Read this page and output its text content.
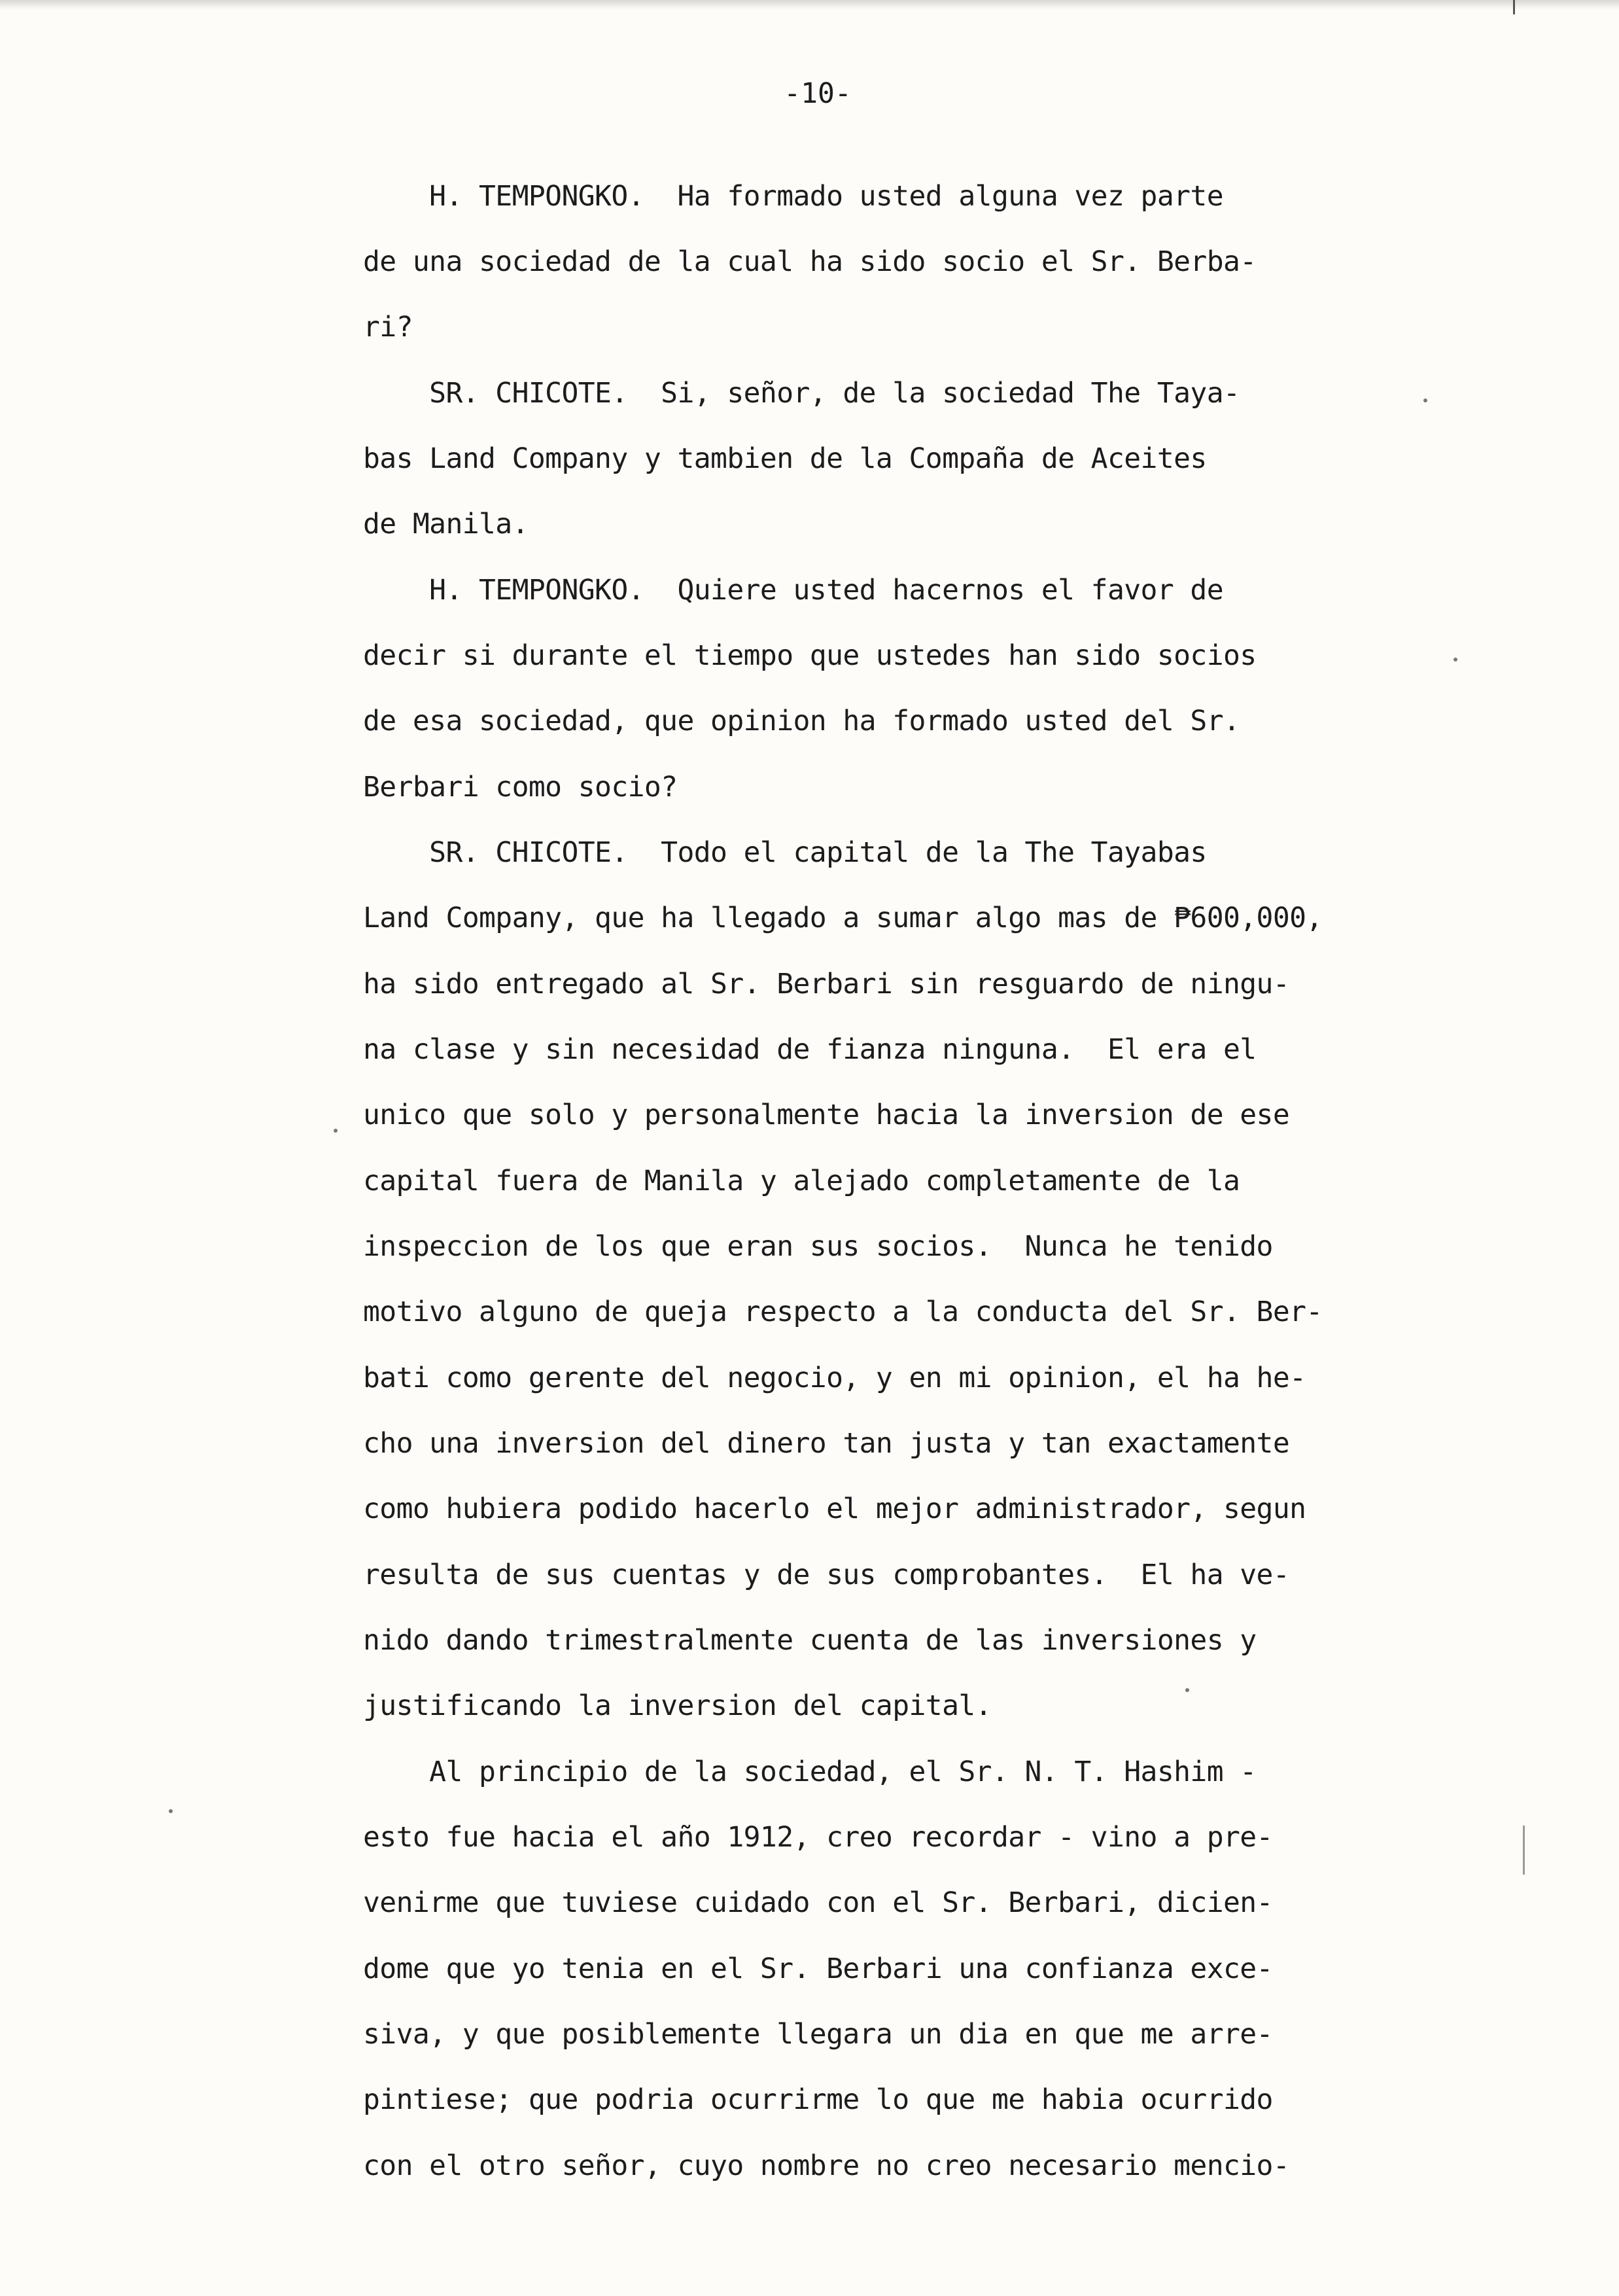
-10-
H. TEMPONGKO.  Ha formado usted alguna vez parte
de una sociedad de la cual ha sido socio el Sr. Berba-
ri?
SR. CHICOTE.  Si, señor, de la sociedad The Taya-
bas Land Company y tambien de la Compaña de Aceites
de Manila.
H. TEMPONGKO.  Quiere usted hacernos el favor de
decir si durante el tiempo que ustedes han sido socios
de esa sociedad, que opinion ha formado usted del Sr.
Berbari como socio?
SR. CHICOTE.  Todo el capital de la The Tayabas
Land Company, que ha llegado a sumar algo mas de ₱600,000,
ha sido entregado al Sr. Berbari sin resguardo de ningu-
na clase y sin necesidad de fianza ninguna.  El era el
unico que solo y personalmente hacia la inversion de ese
capital fuera de Manila y alejado completamente de la
inspeccion de los que eran sus socios.  Nunca he tenido
motivo alguno de queja respecto a la conducta del Sr. Ber-
bati como gerente del negocio, y en mi opinion, el ha he-
cho una inversion del dinero tan justa y tan exactamente
como hubiera podido hacerlo el mejor administrador, segun
resulta de sus cuentas y de sus comprobantes.  El ha ve-
nido dando trimestralmente cuenta de las inversiones y
justificando la inversion del capital.
Al principio de la sociedad, el Sr. N. T. Hashim -
esto fue hacia el año 1912, creo recordar - vino a pre-
venirme que tuviese cuidado con el Sr. Berbari, dicien-
dome que yo tenia en el Sr. Berbari una confianza exce-
siva, y que posiblemente llegara un dia en que me arre-
pintiese; que podria ocurrirme lo que me habia ocurrido
con el otro señor, cuyo nombre no creo necesario mencio-
